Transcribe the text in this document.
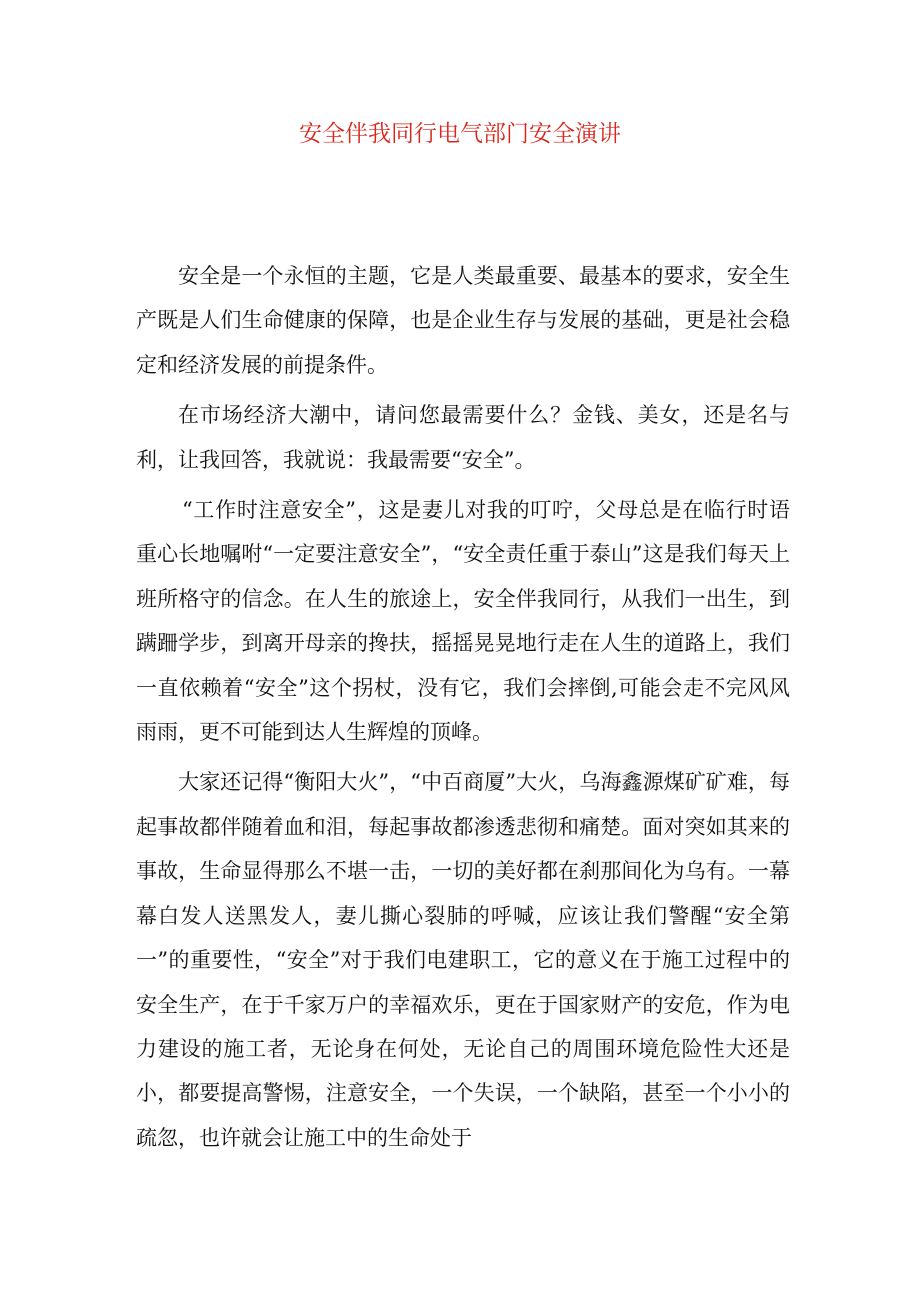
安全伴我同行电气部门安全演讲

安全是一个永恒的主题，它是人类最重要、最基本的要求，安全生产既是人们生命健康的保障，也是企业生存与发展的基础，更是社会稳定和经济发展的前提条件。

在市场经济大潮中，请问您最需要什么？金钱、美女，还是名与利，让我回答，我就说：我最需要“安全”。

“工作时注意安全”，这是妻儿对我的叮咛，父母总是在临行时语重心长地嘱咐“一定要注意安全”，“安全责任重于泰山”这是我们每天上班所格守的信念。在人生的旅途上，安全伴我同行，从我们一出生，到蹒跚学步，到离开母亲的搀扶，摇摇晃晃地行走在人生的道路上，我们一直依赖着“安全”这个拐杖，没有它，我们会摔倒,可能会走不完风风雨雨，更不可能到达人生辉煌的顶峰。

大家还记得“衡阳大火”，“中百商厦”大火，乌海鑫源煤矿矿难，每起事故都伴随着血和泪，每起事故都渗透悲彻和痛楚。面对突如其来的事故，生命显得那么不堪一击，一切的美好都在刹那间化为乌有。一幕幕白发人送黑发人，妻儿撕心裂肺的呼喊，应该让我们警醒“安全第一”的重要性，“安全”对于我们电建职工，它的意义在于施工过程中的安全生产，在于千家万户的幸福欢乐，更在于国家财产的安危，作为电力建设的施工者，无论身在何处，无论自己的周围环境危险性大还是小，都要提高警惕，注意安全，一个失误，一个缺陷，甚至一个小小的疏忽，也许就会让施工中的生命处于
